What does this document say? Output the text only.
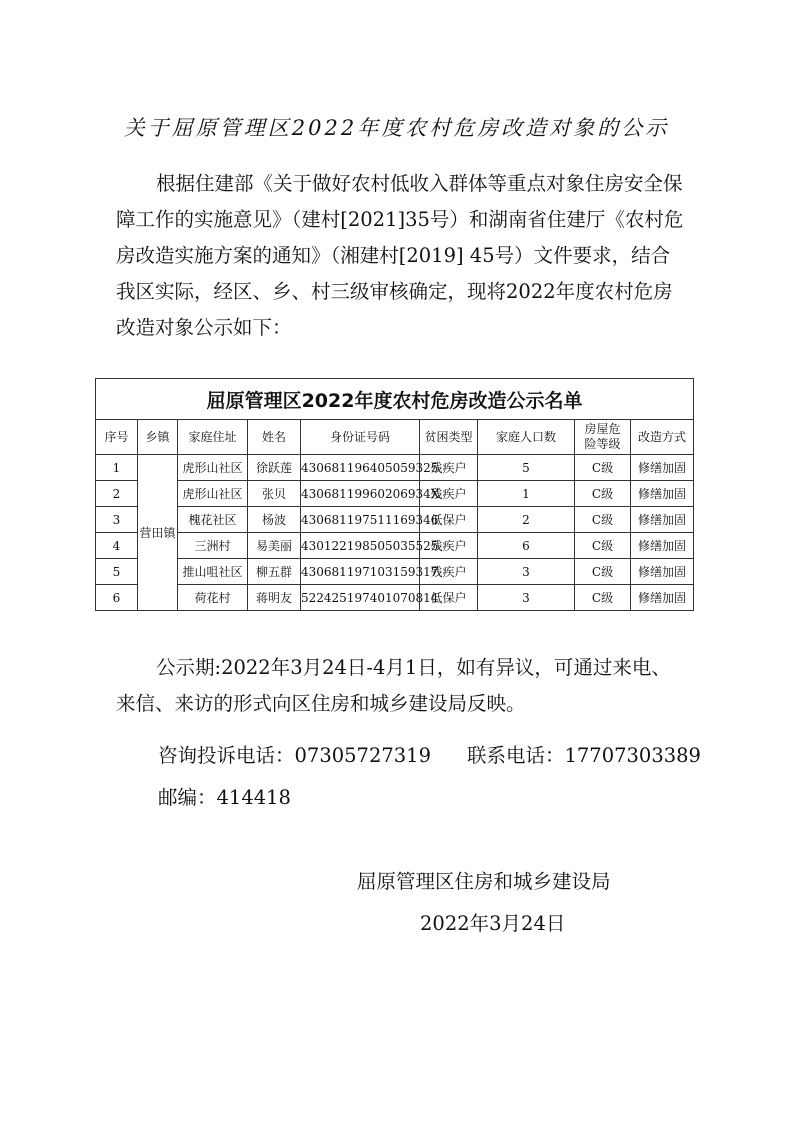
关于屈原管理区2022年度农村危房改造对象的公示
根据住建部《关于做好农村低收入群体等重点对象住房安全保障工作的实施意见》（建村[2021]35号）和湖南省住建厅《农村危房改造实施方案的通知》（湘建村[2019] 45号）文件要求，结合我区实际，经区、乡、村三级审核确定，现将2022年度农村危房改造对象公示如下：
屈原管理区2022年度农村危房改造公示名单								
序号	乡镇	家庭住址	姓名	身份证号码	贫困类型	家庭人口数	房屋危险等级	改造方式
1	营田镇	虎形山社区	徐跃莲	430681196405059325	残疾户	5	C级	修缮加固
2		虎形山社区	张贝	43068119960206934X	残疾户	1	C级	修缮加固
3		槐花社区	杨波	430681197511169346	低保户	2	C级	修缮加固
4		三洲村	易美丽	430122198505035525	残疾户	6	C级	修缮加固
5		推山咀社区	柳五群	430681197103159317	残疾户	3	C级	修缮加固
6		荷花村	蒋明友	522425197401070814	低保户	3	C级	修缮加固
公示期:2022年3月24日-4月1日，如有异议，可通过来电、来信、来访的形式向区住房和城乡建设局反映。
咨询投诉电话：07305727319 联系电话：17707303389
邮编：414418
屈原管理区住房和城乡建设局
2022年3月24日
